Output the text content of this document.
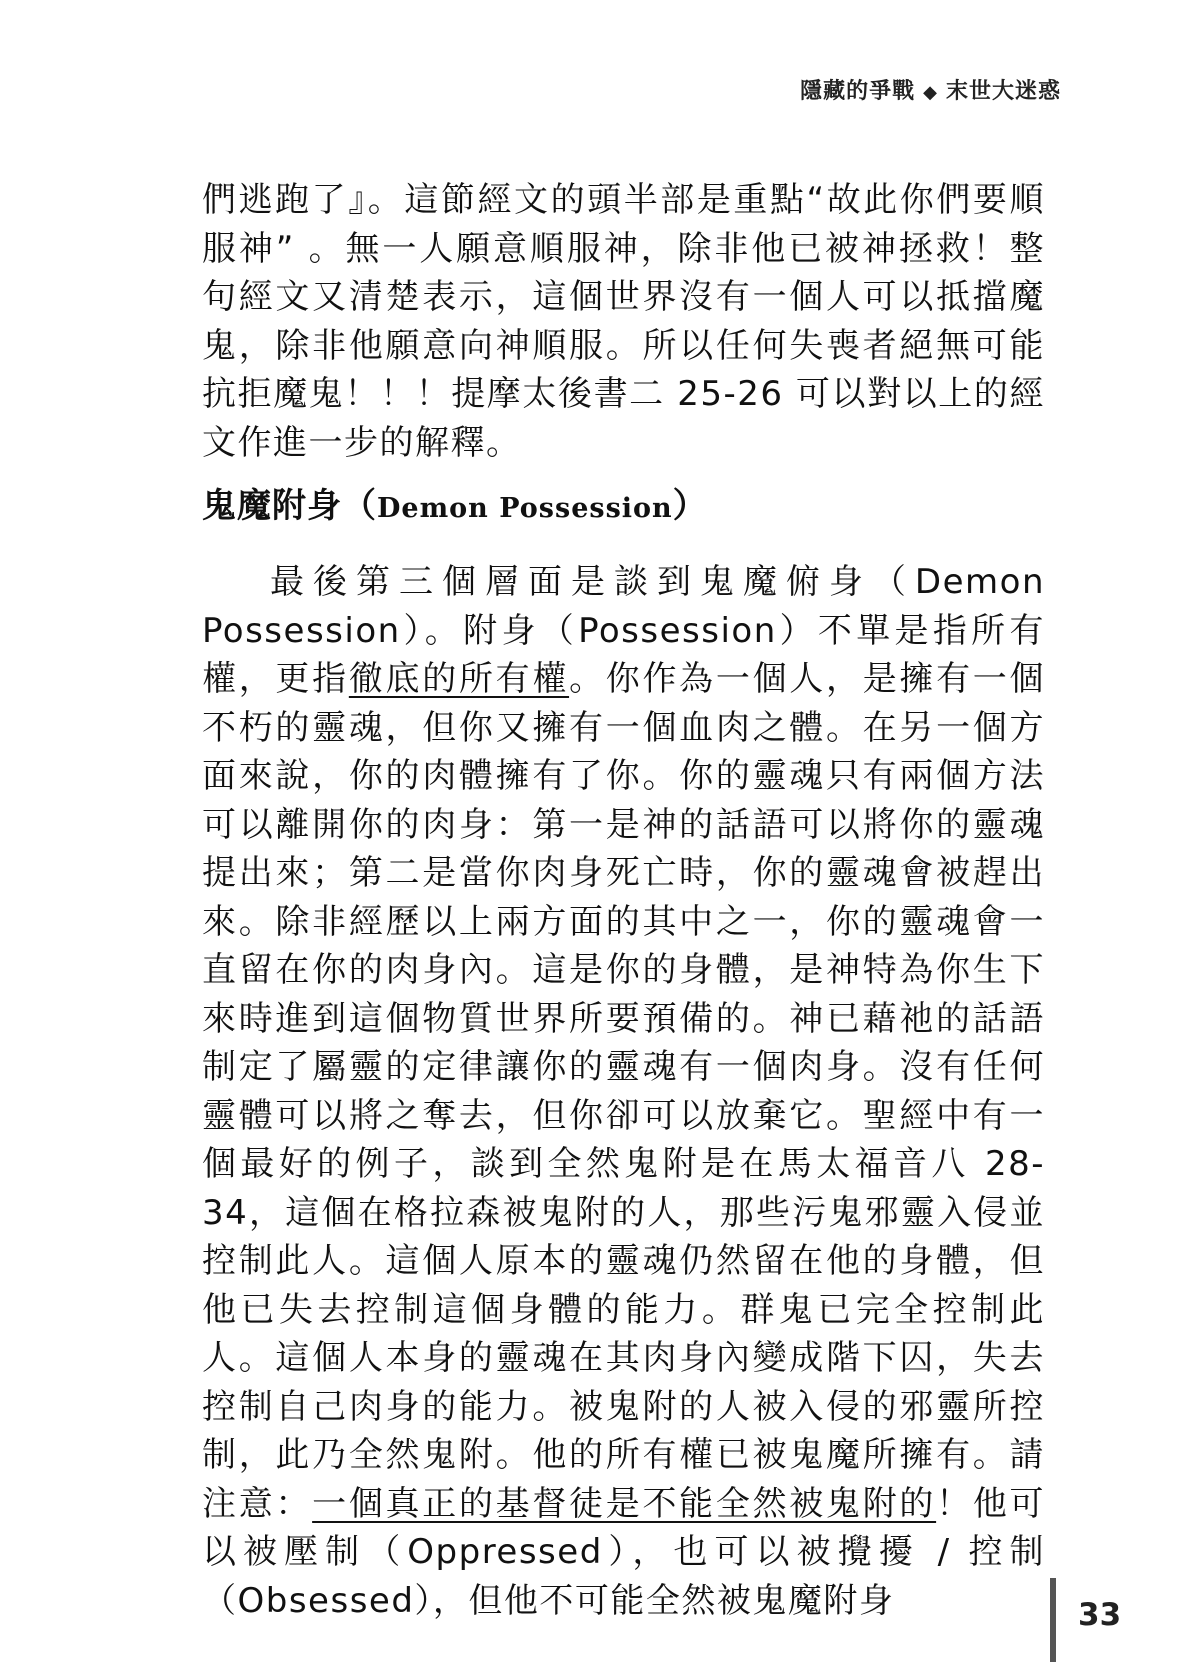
隱藏的爭戰 ◆ 末世大迷惑

們逃跑了』。這節經文的頭半部是重點“故此你們要順服神” 。無一人願意順服神，除非他已被神拯救！整句經文又清楚表示，這個世界沒有一個人可以抵擋魔鬼，除非他願意向神順服。所以任何失喪者絕無可能抗拒魔鬼！！！提摩太後書二 25-26 可以對以上的經文作進一步的解釋。

鬼魔附身（Demon Possession）

最後第三個層面是談到鬼魔俯身（Demon Possession）。附身（Possession）不單是指所有權，更指徹底的所有權。你作為一個人，是擁有一個不朽的靈魂，但你又擁有一個血肉之體。在另一個方面來說，你的肉體擁有了你。你的靈魂只有兩個方法可以離開你的肉身：第一是神的話語可以將你的靈魂提出來；第二是當你肉身死亡時，你的靈魂會被趕出來。除非經歷以上兩方面的其中之一，你的靈魂會一直留在你的肉身內。這是你的身體，是神特為你生下來時進到這個物質世界所要預備的。神已藉祂的話語制定了屬靈的定律讓你的靈魂有一個肉身。沒有任何靈體可以將之奪去，但你卻可以放棄它。聖經中有一個最好的例子，談到全然鬼附是在馬太福音八 28-34，這個在格拉森被鬼附的人，那些污鬼邪靈入侵並控制此人。這個人原本的靈魂仍然留在他的身體，但他已失去控制這個身體的能力。群鬼已完全控制此人。這個人本身的靈魂在其肉身內變成階下囚，失去控制自己肉身的能力。被鬼附的人被入侵的邪靈所控制，此乃全然鬼附。他的所有權已被鬼魔所擁有。請注意：一個真正的基督徒是不能全然被鬼附的！他可以被壓制（Oppressed），也可以被攪擾 / 控制（Obsessed），但他不可能全然被鬼魔附身	33
